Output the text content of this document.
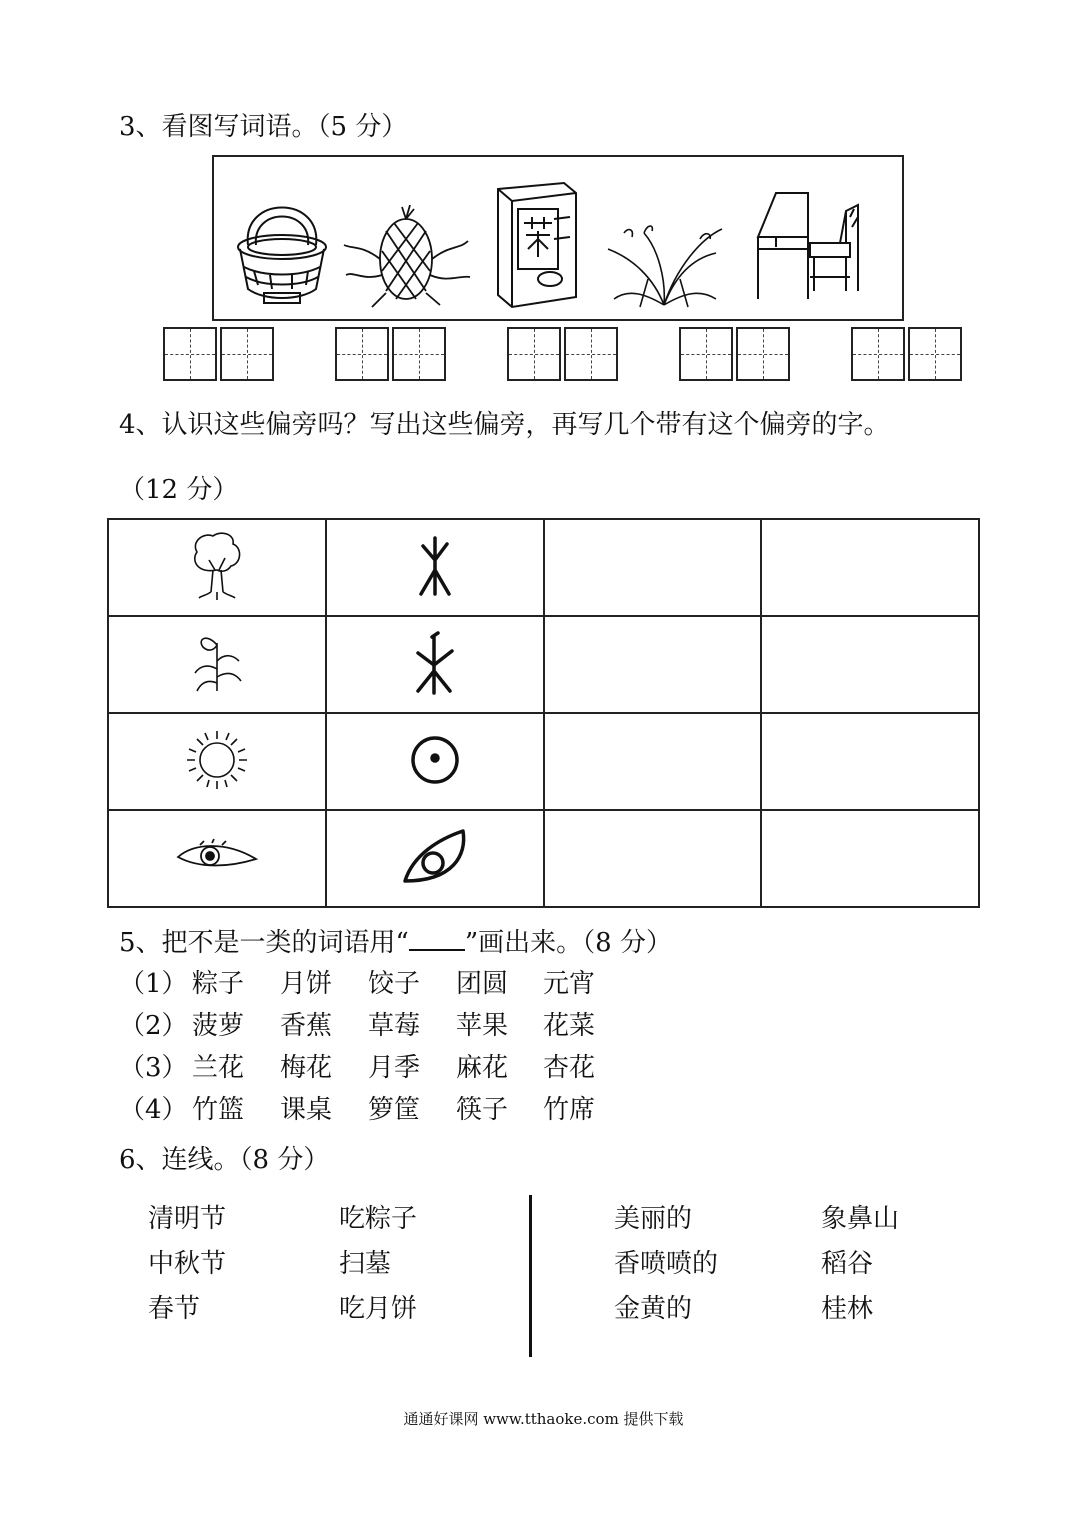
3、看图写词语。（5 分）
4、认识这些偏旁吗？写出这些偏旁，再写几个带有这个偏旁的字。
（12 分）

5、把不是一类的词语用“ ”画出来。（8 分）
（1） 粽子 月饼 饺子 团圆 元宵
（2） 菠萝 香蕉 草莓 苹果 花菜
（3） 兰花 梅花 月季 麻花 杏花
（4） 竹篮 课桌 箩筐 筷子 竹席
6、连线。（8 分）
清明节
中秋节
春节
吃粽子
扫墓
吃月饼
美丽的
香喷喷的
金黄的
象鼻山
稻谷
桂林
通通好课网 www.tthaoke.com 提供下载
